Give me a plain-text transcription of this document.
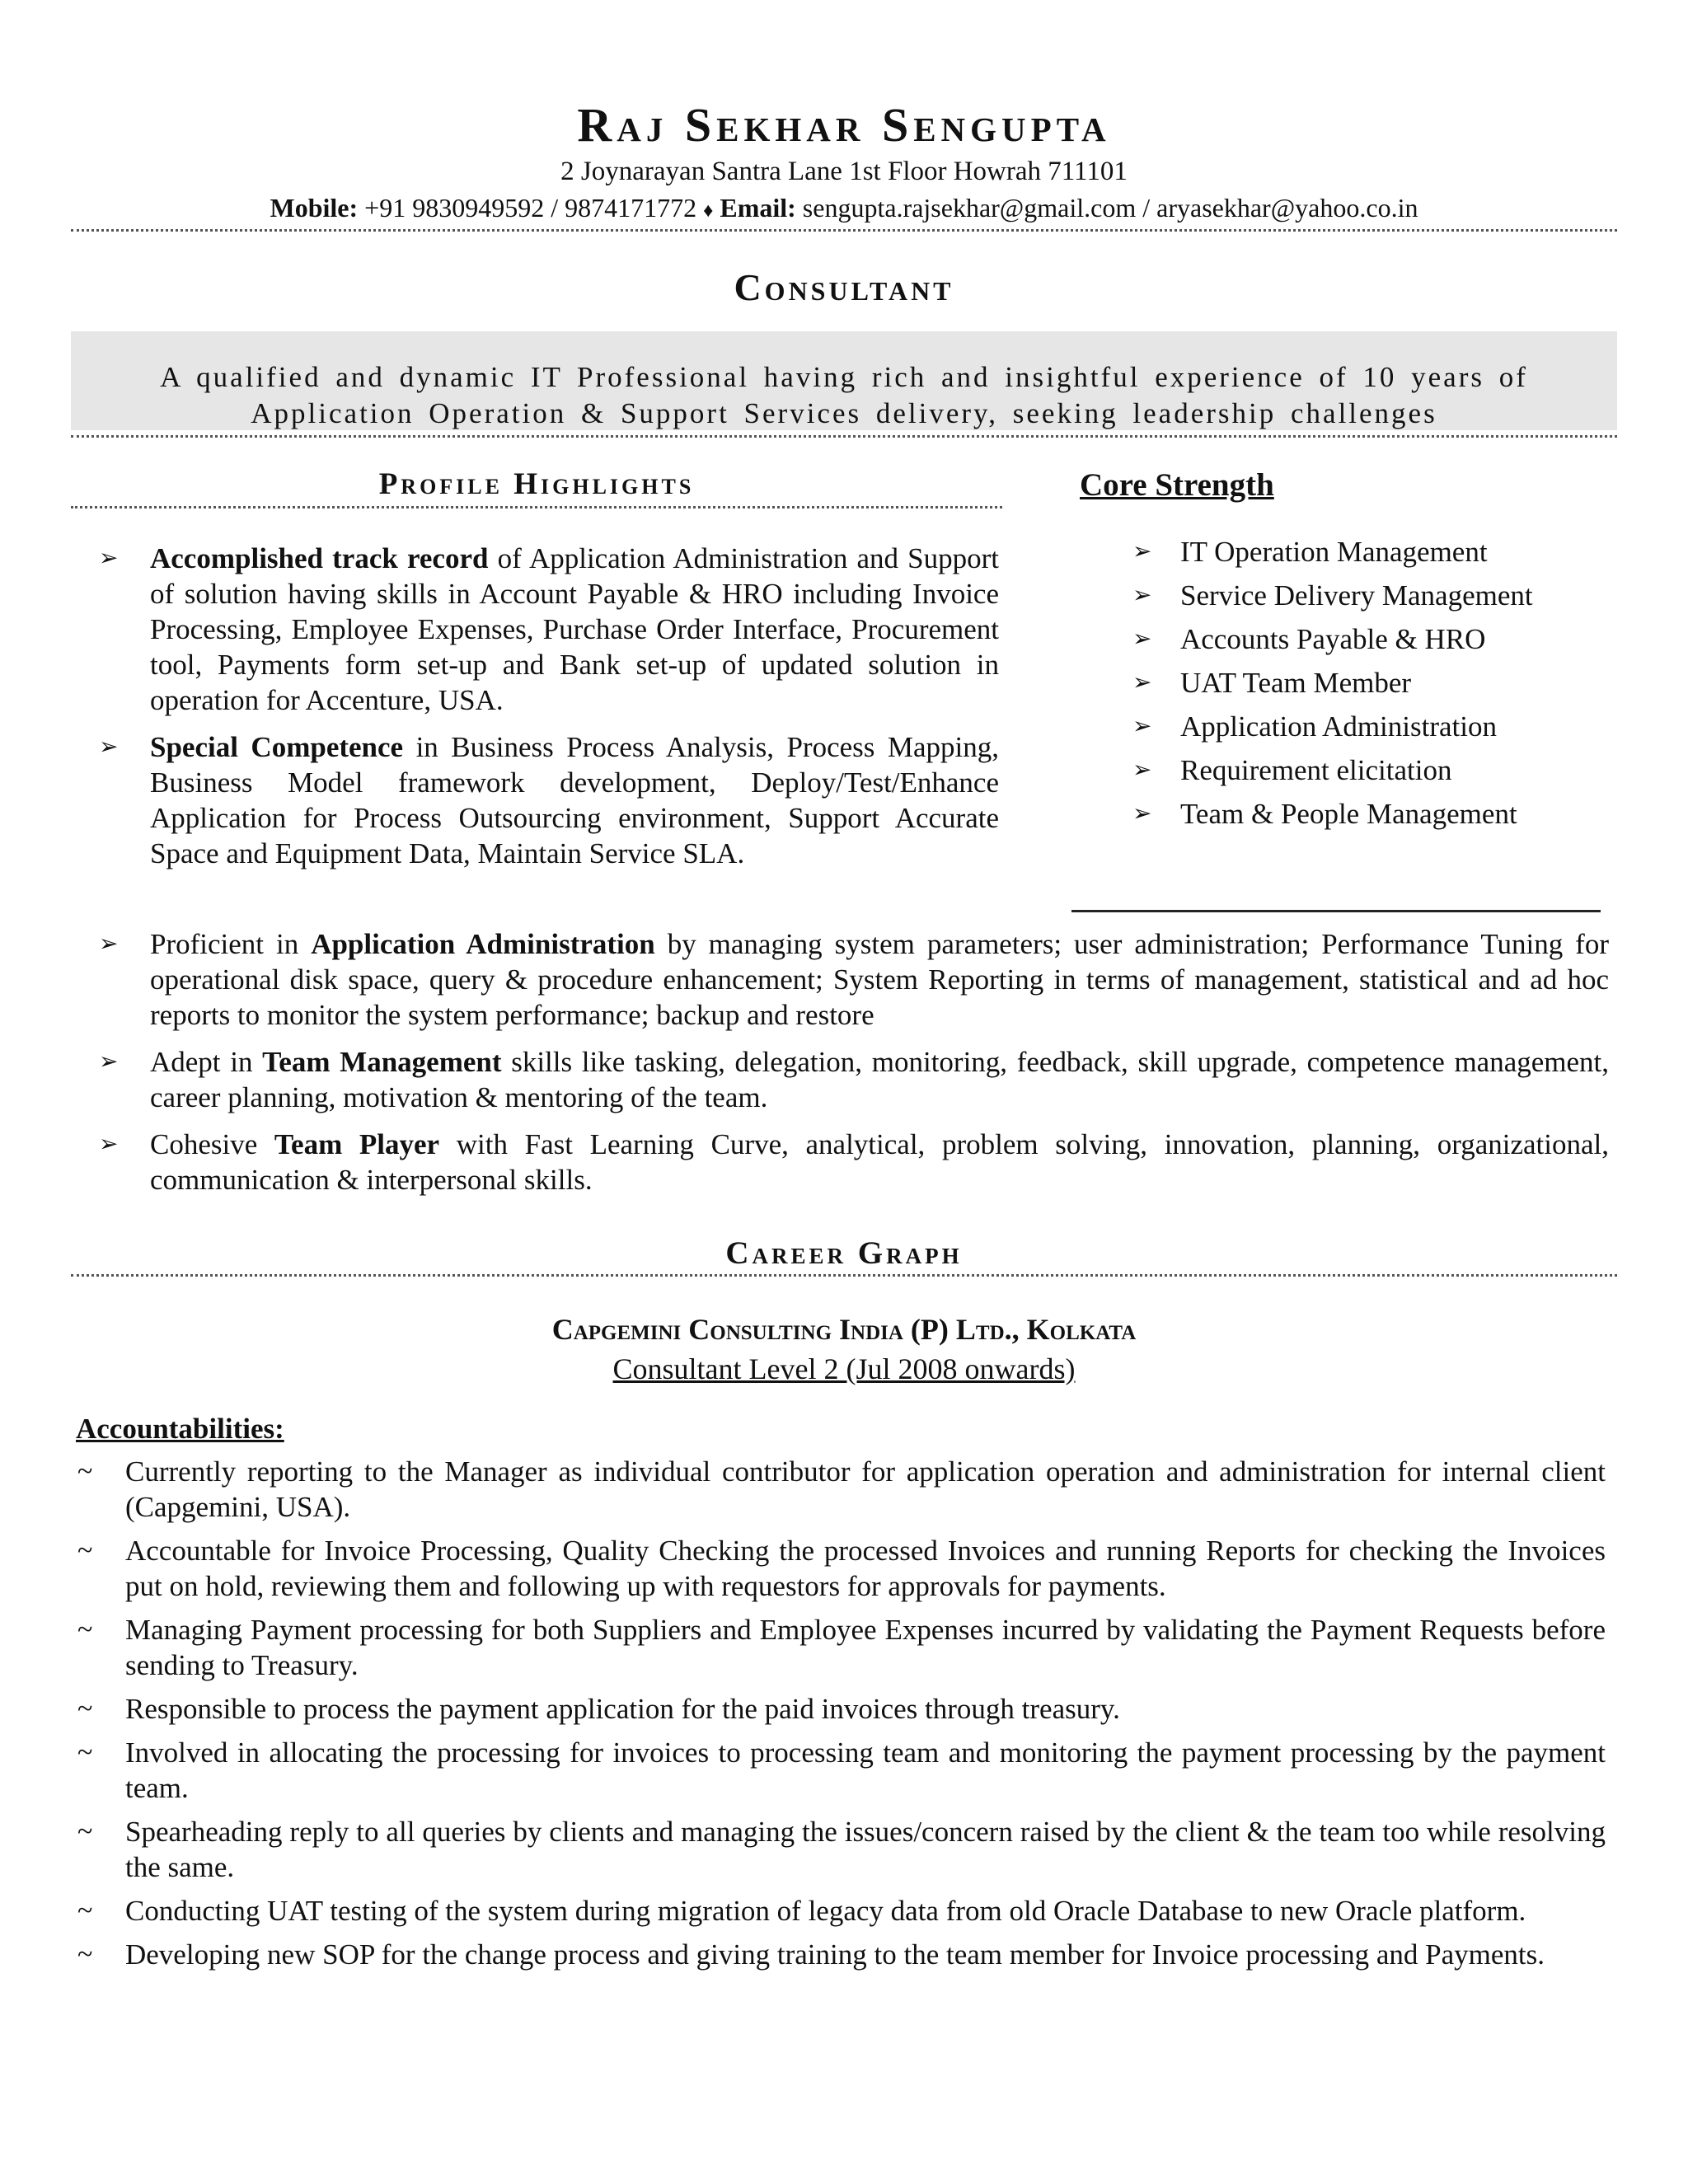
Raj Sekhar Sengupta
2 Joynarayan Santra Lane 1st Floor Howrah 711101
Mobile: +91 9830949592 / 9874171772 ♦ Email: sengupta.rajsekhar@gmail.com / aryasekhar@yahoo.co.in
Consultant
A qualified and dynamic IT Professional having rich and insightful experience of 10 years of Application Operation & Support Services delivery, seeking leadership challenges
Profile Highlights
➢ Accomplished track record of Application Administration and Support of solution having skills in Account Payable & HRO including Invoice Processing, Employee Expenses, Purchase Order Interface, Procurement tool, Payments form set-up and Bank set-up of updated solution in operation for Accenture, USA.
➢ Special Competence in Business Process Analysis, Process Mapping, Business Model framework development, Deploy/Test/Enhance Application for Process Outsourcing environment, Support Accurate Space and Equipment Data, Maintain Service SLA.
Core Strength
➢ IT Operation Management
➢ Service Delivery Management
➢ Accounts Payable & HRO
➢ UAT Team Member
➢ Application Administration
➢ Requirement elicitation
➢ Team & People Management
➢ Proficient in Application Administration by managing system parameters; user administration; Performance Tuning for operational disk space, query & procedure enhancement; System Reporting in terms of management, statistical and ad hoc reports to monitor the system performance; backup and restore
➢ Adept in Team Management skills like tasking, delegation, monitoring, feedback, skill upgrade, competence management, career planning, motivation & mentoring of the team.
➢ Cohesive Team Player with Fast Learning Curve, analytical, problem solving, innovation, planning, organizational, communication & interpersonal skills.
Career Graph
Capgemini Consulting India (P) Ltd., Kolkata
Consultant Level 2 (Jul 2008 onwards)
Accountabilities:
~ Currently reporting to the Manager as individual contributor for application operation and administration for internal client (Capgemini, USA).
~ Accountable for Invoice Processing, Quality Checking the processed Invoices and running Reports for checking the Invoices put on hold, reviewing them and following up with requestors for approvals for payments.
~ Managing Payment processing for both Suppliers and Employee Expenses incurred by validating the Payment Requests before sending to Treasury.
~ Responsible to process the payment application for the paid invoices through treasury.
~ Involved in allocating the processing for invoices to processing team and monitoring the payment processing by the payment team.
~ Spearheading reply to all queries by clients and managing the issues/concern raised by the client & the team too while resolving the same.
~ Conducting UAT testing of the system during migration of legacy data from old Oracle Database to new Oracle platform.
~ Developing new SOP for the change process and giving training to the team member for Invoice processing and Payments.
